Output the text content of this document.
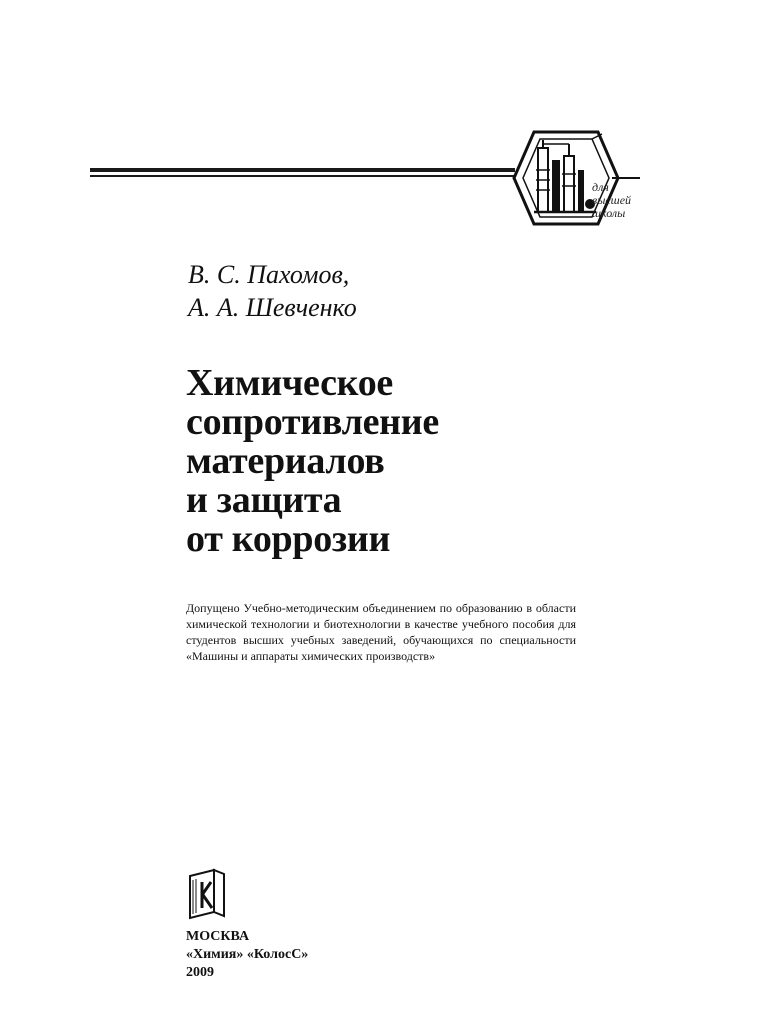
для
высшей
школы
В. С. Пахомов,
А. А. Шевченко
Химическое
сопротивление
материалов
и защита
от коррозии
Допущено Учебно-методическим объединением по образованию в области химической технологии и биотехнологии в качестве учебного пособия для студентов высших учебных заведений, обучающихся по специальности «Машины и аппараты химических производств»
МОСКВА
«Химия» «КолосС»
2009
